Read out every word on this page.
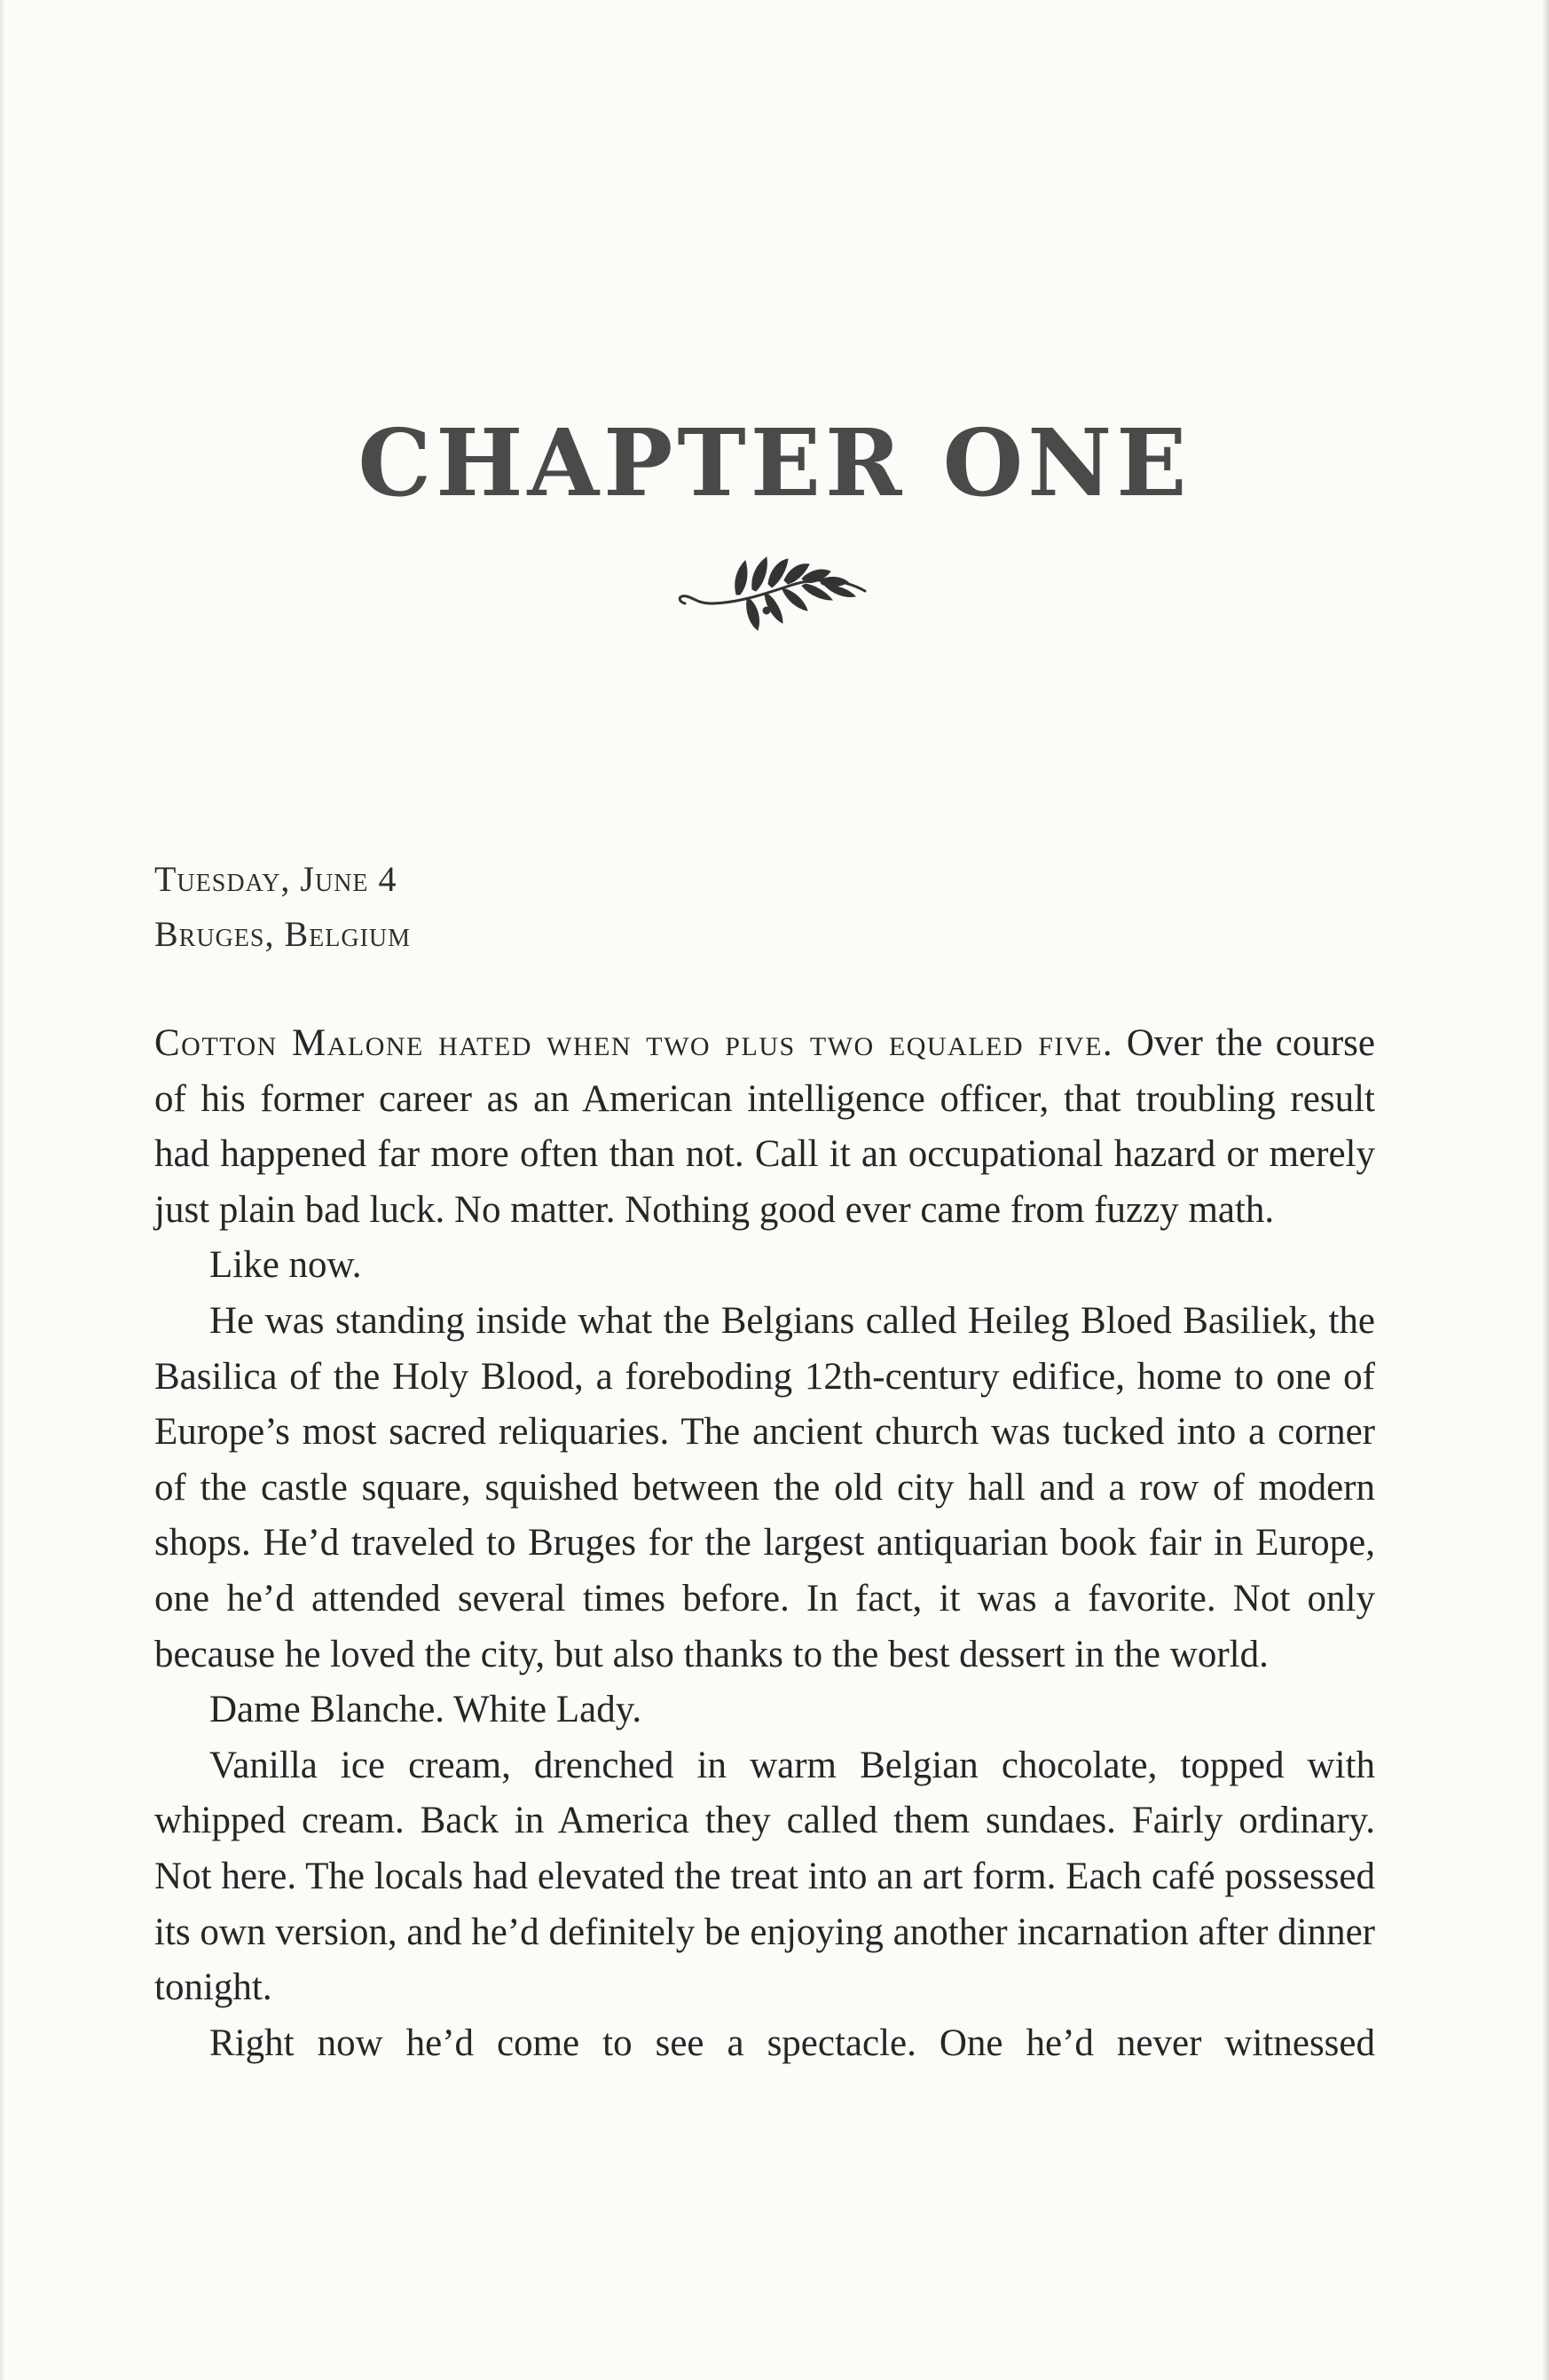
CHAPTER ONE
Tuesday, June 4
Bruges, Belgium

Cotton Malone hated when two plus two equaled five. Over the course of his former career as an American intelligence officer, that troubling result had happened far more often than not. Call it an occupational hazard or merely just plain bad luck. No matter. Nothing good ever came from fuzzy math.

Like now.

He was standing inside what the Belgians called Heileg Bloed Basiliek, the Basilica of the Holy Blood, a foreboding 12th-century edifice, home to one of Europe’s most sacred reliquaries. The ancient church was tucked into a corner of the castle square, squished between the old city hall and a row of modern shops. He’d traveled to Bruges for the largest antiquarian book fair in Europe, one he’d attended several times before. In fact, it was a favorite. Not only because he loved the city, but also thanks to the best dessert in the world.

Dame Blanche. White Lady.

Vanilla ice cream, drenched in warm Belgian chocolate, topped with whipped cream. Back in America they called them sundaes. Fairly ordinary. Not here. The locals had elevated the treat into an art form. Each café possessed its own version, and he’d definitely be enjoying another incarnation after dinner tonight.

Right now he’d come to see a spectacle. One he’d never witnessed
